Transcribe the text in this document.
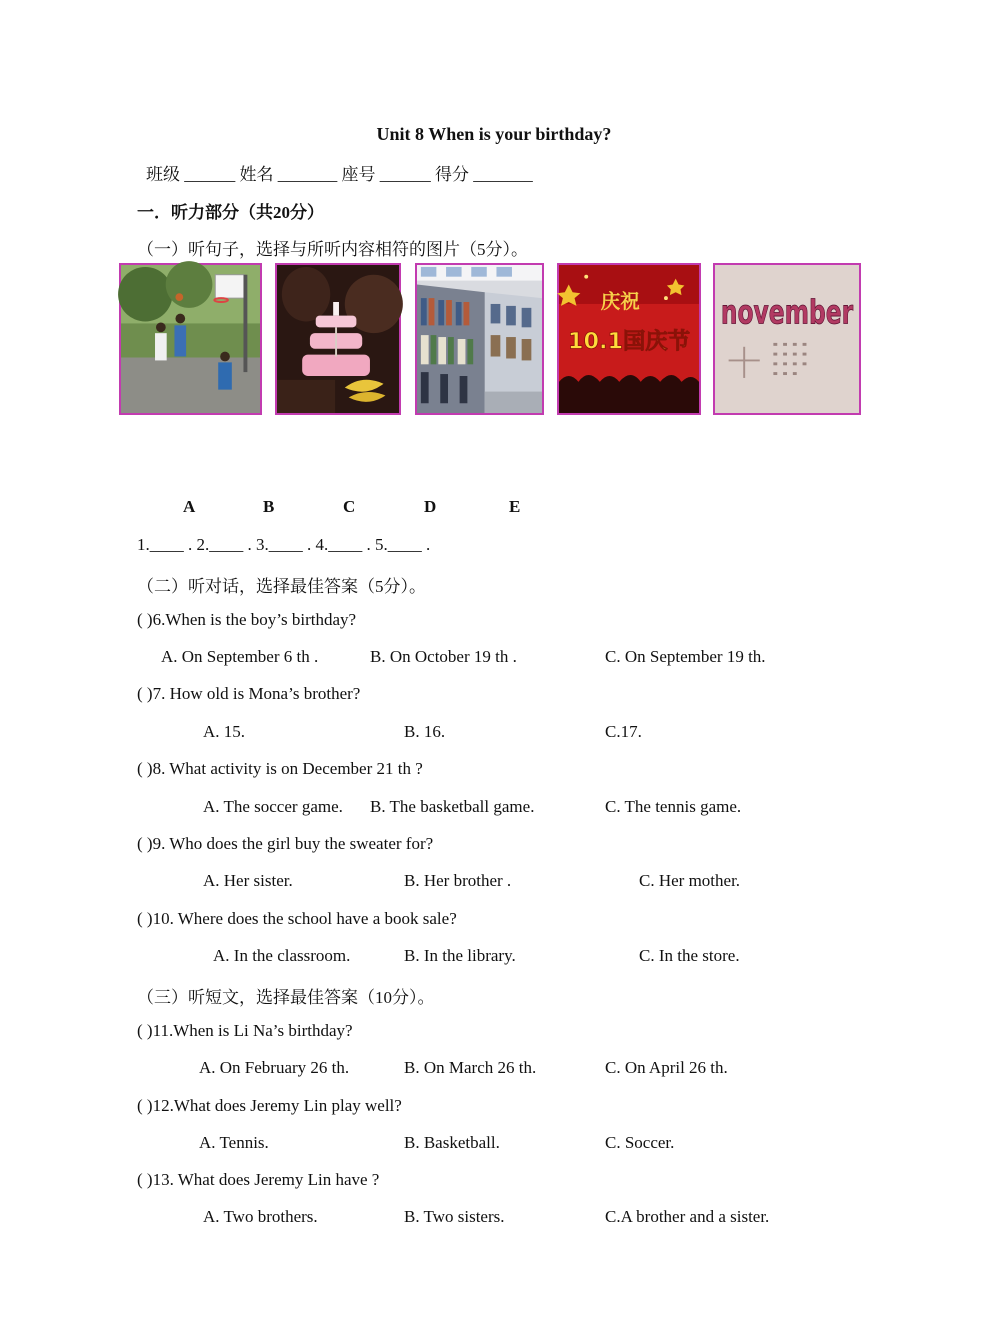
Unit 8 When is your birthday?
班级 ______ 姓名 _______ 座号 ______ 得分 _______
一．听力部分（共20分）
（一）听句子，选择与所听内容相符的图片（5分）。
庆祝
10.1国庆节
november
A	B	C	D	E
1.____ . 2.____ . 3.____ . 4.____ . 5.____ .
（二）听对话，选择最佳答案（5分）。
( )6.When is the boy’s birthday?
A. On September 6 th .	B. On October 19 th .	C. On September 19 th.
( )7. How old is Mona’s brother?
A. 15.	B. 16.	C.17.
( )8. What activity is on December 21 th ?
A. The soccer game. B. The basketball game.	C. The tennis game.
( )9. Who does the girl buy the sweater for?
A. Her sister.	B. Her brother .	C. Her mother.
( )10. Where does the school have a book sale?
A. In the classroom.	B. In the library.	C. In the store.
（三）听短文，选择最佳答案（10分）。
( )11.When is Li Na’s birthday?
A. On February 26 th.	B. On March 26 th.	C. On April 26 th.
( )12.What does Jeremy Lin play well?
A. Tennis.	B. Basketball.	C. Soccer.
( )13. What does Jeremy Lin have ?
A. Two brothers.	B. Two sisters.	C.A brother and a sister.
